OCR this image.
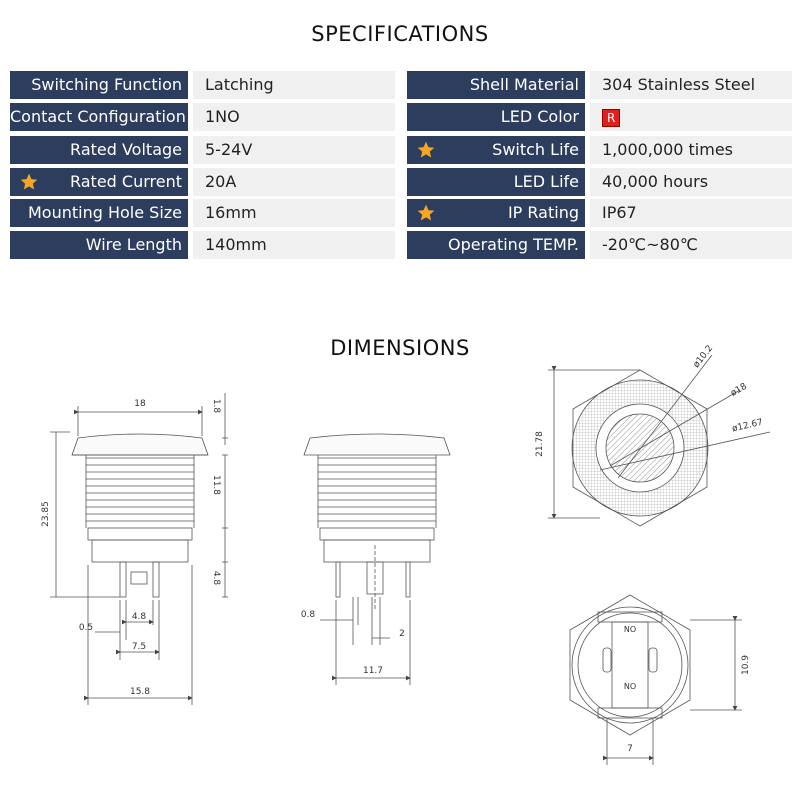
SPECIFICATIONS
Switching Function	Latching
Contact Configuration	1NO
Rated Voltage	5-24V
Rated Current	20A
Mounting Hole Size	16mm
Wire Length	140mm
Shell Material	304 Stainless Steel
LED Color	R
Switch Life	1,000,000 times
LED Life	40,000 hours
IP Rating	IP67
Operating TEMP.	-20℃~80℃
DIMENSIONS
18	1.8
11.8
23.85
4.8
0.5
4.8
7.5
15.8
0.8
2
11.7
21.78
ø10.2
ø18
ø12.67
NO
NO
10.9
7
